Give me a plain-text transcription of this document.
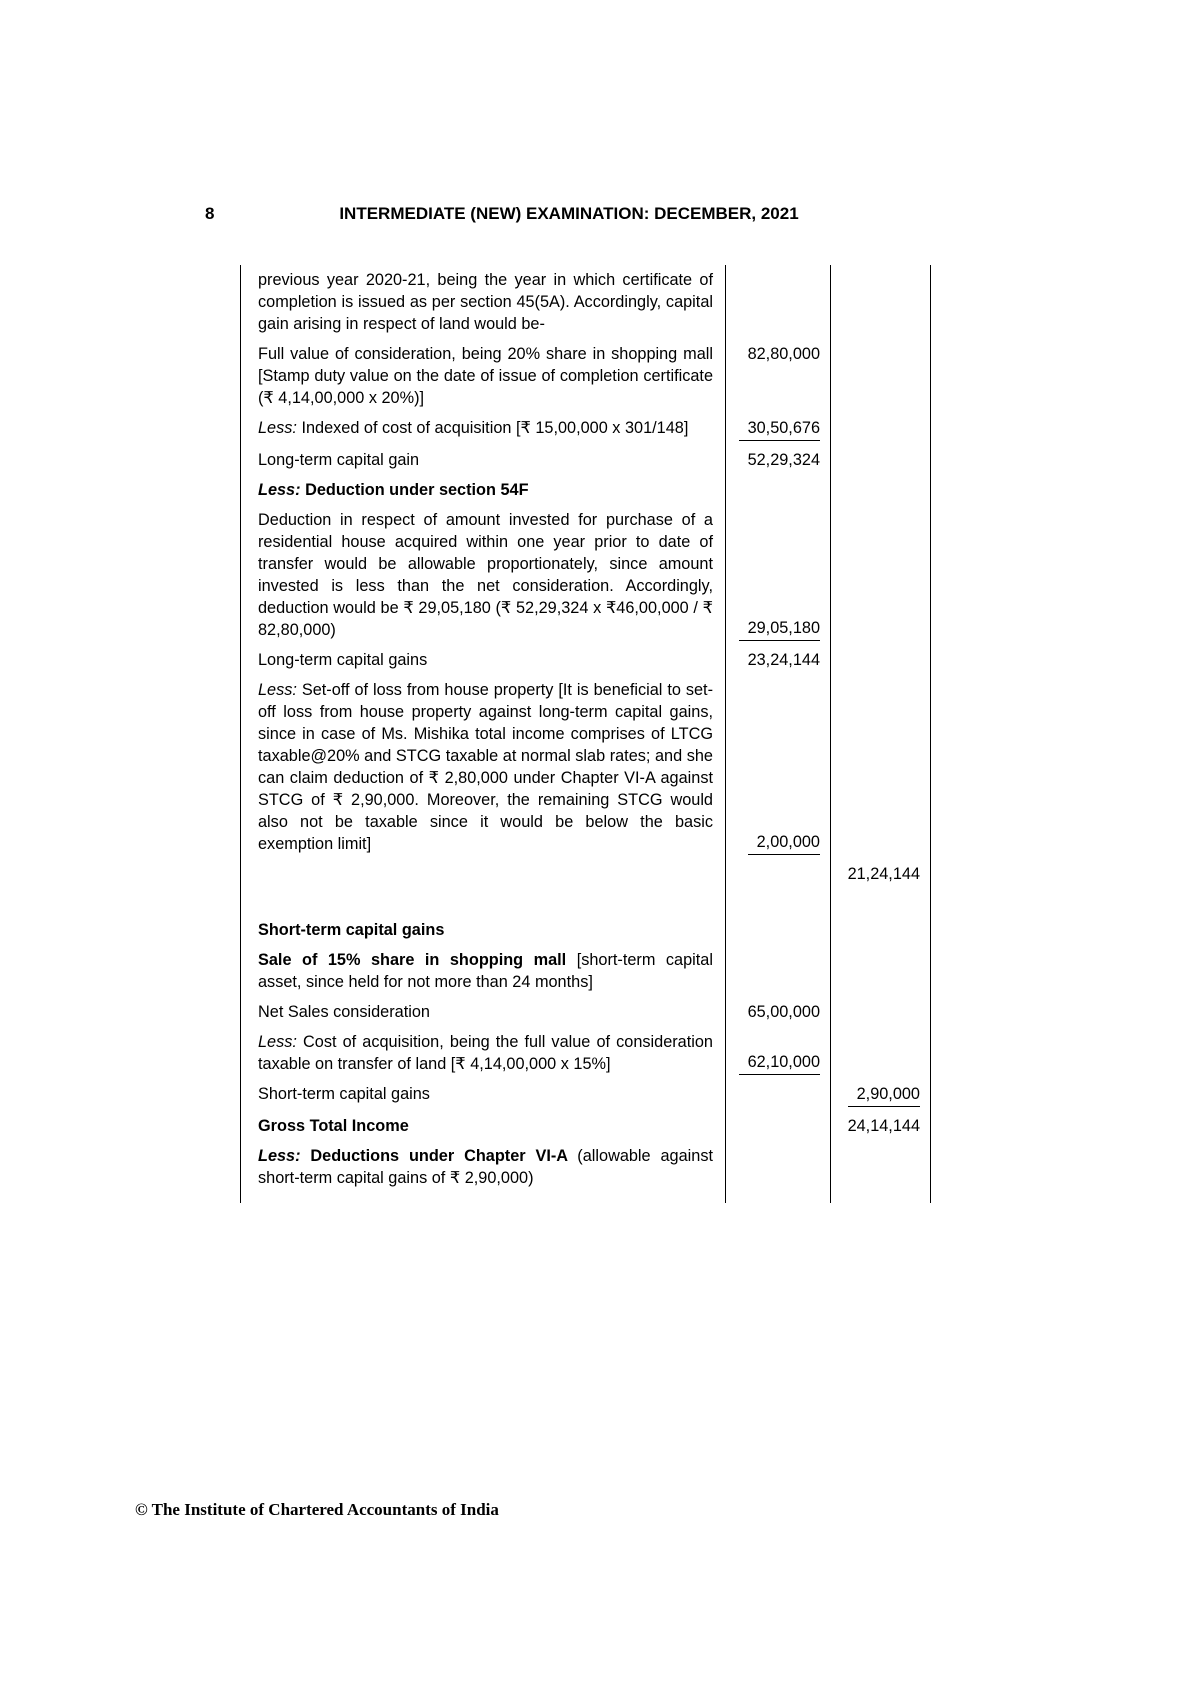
8	INTERMEDIATE (NEW) EXAMINATION: DECEMBER, 2021
previous year 2020-21, being the year in which certificate of completion is issued as per section 45(5A). Accordingly, capital gain arising in respect of land would be-		

Full value of consideration, being 20% share in shopping mall [Stamp duty value on the date of issue of completion certificate (₹ 4,14,00,000 x 20%)]	82,80,000	

Less: Indexed of cost of acquisition [₹ 15,00,000 x 301/148]	30,50,676	

Long-term capital gain	52,29,324	

Less: Deduction under section 54F		

Deduction in respect of amount invested for purchase of a residential house acquired within one year prior to date of transfer would be allowable proportionately, since amount invested is less than the net consideration. Accordingly, deduction would be ₹ 29,05,180 (₹ 52,29,324 x ₹46,00,000 / ₹ 82,80,000)	29,05,180	

Long-term capital gains	23,24,144	

Less: Set-off of loss from house property [It is beneficial to set-off loss from house property against long-term capital gains, since in case of Ms. Mishika total income comprises of LTCG taxable@20% and STCG taxable at normal slab rates; and she can claim deduction of ₹ 2,80,000 under Chapter VI-A against STCG of ₹ 2,90,000. Moreover, the remaining STCG would also not be taxable since it would be below the basic exemption limit]	2,00,000	

		21,24,144

Short-term capital gains		

Sale of 15% share in shopping mall [short-term capital asset, since held for not more than 24 months]		

Net Sales consideration	65,00,000	

Less: Cost of acquisition, being the full value of consideration taxable on transfer of land [₹ 4,14,00,000 x 15%]	62,10,000	

Short-term capital gains		2,90,000

Gross Total Income		24,14,144

Less: Deductions under Chapter VI-A (allowable against short-term capital gains of ₹ 2,90,000)		

© The Institute of Chartered Accountants of India
